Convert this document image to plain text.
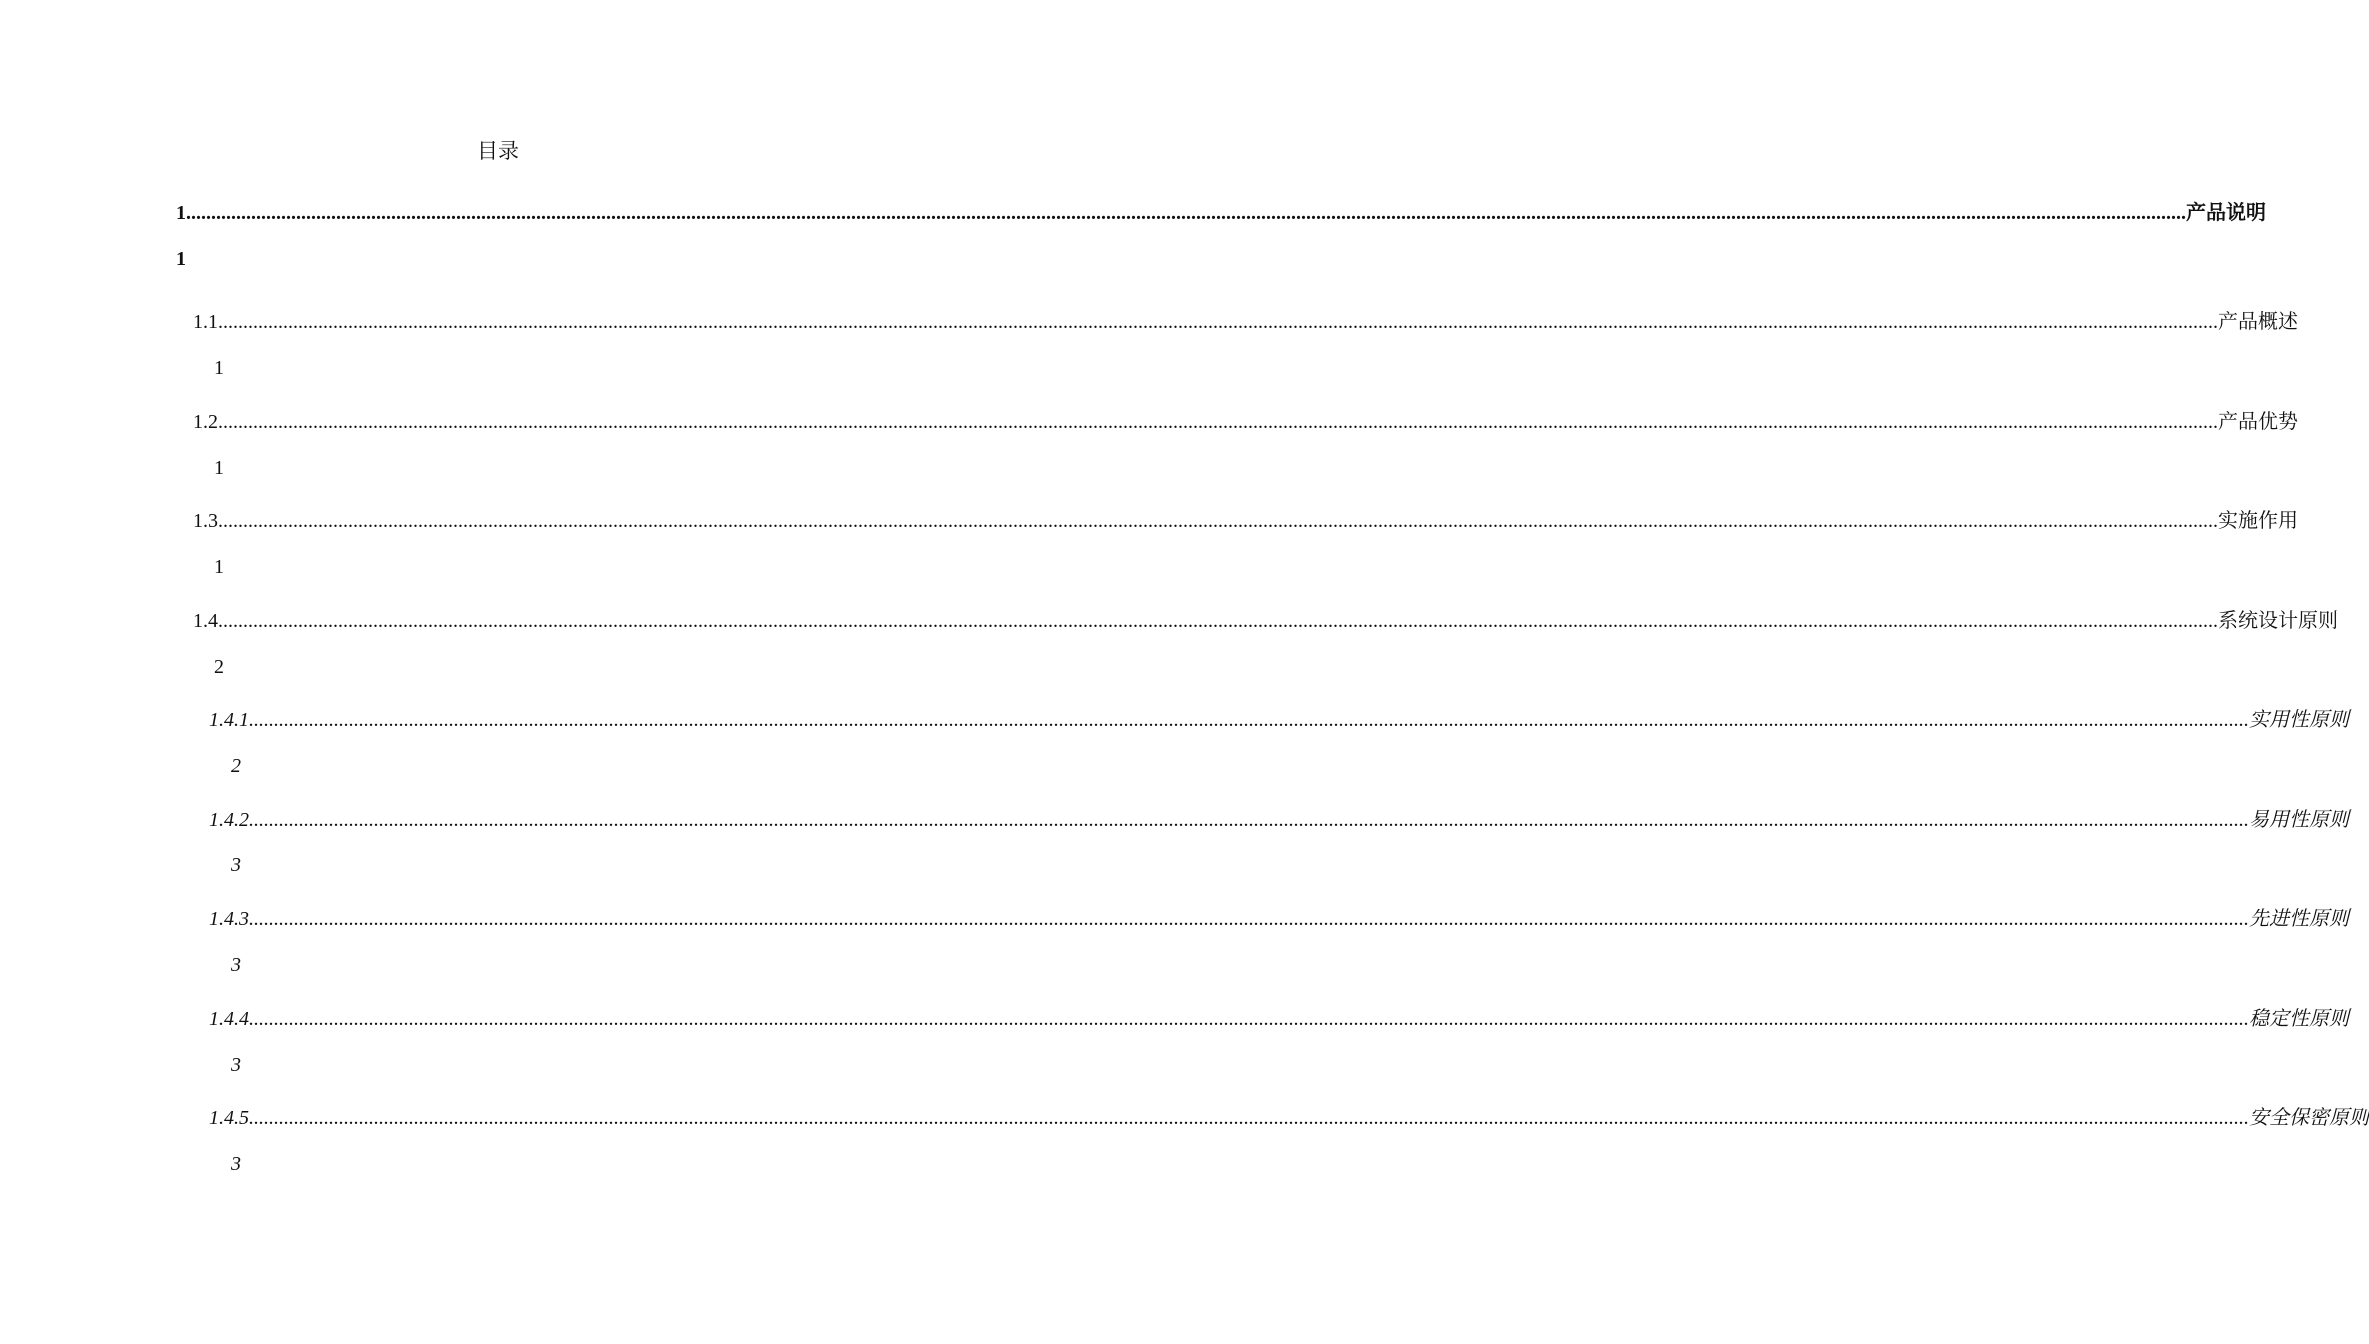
目录
1 ................................................................................................................................................................................................................................................................................................................................................................................................................ 产品说明
1
1.1 ................................................................................................................................................................................................................................................................................................................................................................................................................ 产品概述
1
1.2 ................................................................................................................................................................................................................................................................................................................................................................................................................ 产品优势
1
1.3 ................................................................................................................................................................................................................................................................................................................................................................................................................ 实施作用
1
1.4 ................................................................................................................................................................................................................................................................................................................................................................................................................ 系统设计原则
2
1.4.1 ................................................................................................................................................................................................................................................................................................................................................................................................................ 实用性原则
2
1.4.2 ................................................................................................................................................................................................................................................................................................................................................................................................................ 易用性原则
3
1.4.3 ................................................................................................................................................................................................................................................................................................................................................................................................................ 先进性原则
3
1.4.4 ................................................................................................................................................................................................................................................................................................................................................................................................................ 稳定性原则
3
1.4.5 ................................................................................................................................................................................................................................................................................................................................................................................................................ 安全保密原则
3
